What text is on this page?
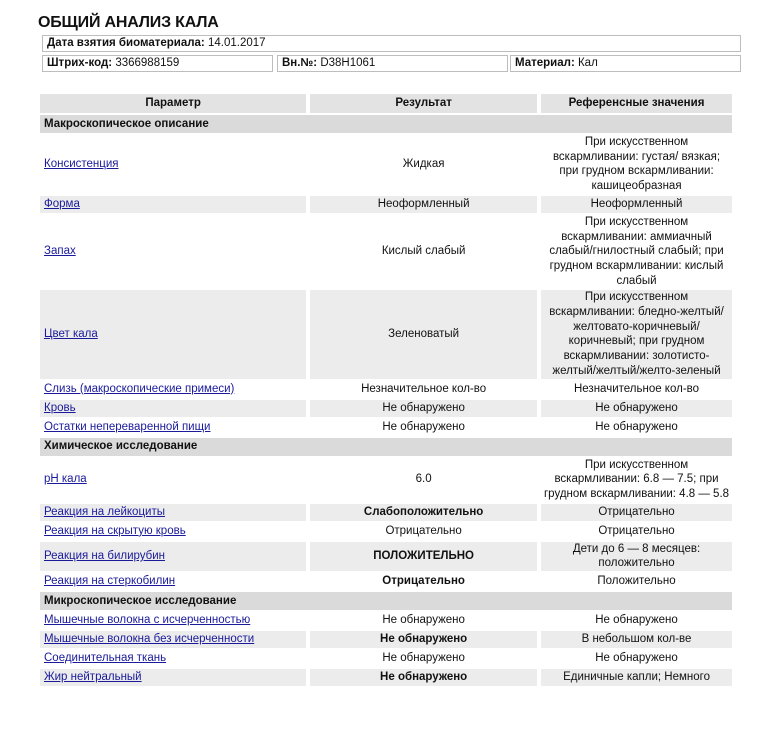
ОБЩИЙ АНАЛИЗ КАЛА
Дата взятия биоматериала: 14.01.2017
Штрих-код: 3366988159	Вн.№: D38H1061	Материал: Кал
Параметр	Результат	Референсные значения
Макроскопическое описание		
Консистенция	Жидкая	При искусственном вскармливании: густая/ вязкая; при грудном вскармливании: кашицеобразная
Форма	Неоформленный	Неоформленный
Запах	Кислый слабый	При искусственном вскармливании: аммиачный слабый/гнилостный слабый; при грудном вскармливании: кислый слабый
Цвет кала	Зеленоватый	При искусственном вскармливании: бледно-желтый/желтовато-коричневый/ коричневый; при грудном вскармливании: золотисто-желтый/желтый/желто-зеленый
Слизь (макроскопические примеси)	Незначительное кол-во	Незначительное кол-во
Кровь	Не обнаружено	Не обнаружено
Остатки непереваренной пищи	Не обнаружено	Не обнаружено
Химическое исследование		
pH кала	6.0	При искусственном вскармливании: 6.8 — 7.5; при грудном вскармливании: 4.8 — 5.8
Реакция на лейкоциты	Слабоположительно	Отрицательно
Реакция на скрытую кровь	Отрицательно	Отрицательно
Реакция на билирубин	ПОЛОЖИТЕЛЬНО	Дети до 6 — 8 месяцев: положительно
Реакция на стеркобилин	Отрицательно	Положительно
Микроскопическое исследование		
Мышечные волокна с исчерченностью	Не обнаружено	Не обнаружено
Мышечные волокна без исчерченности	Не обнаружено	В небольшом кол-ве
Соединительная ткань	Не обнаружено	Не обнаружено
Жир нейтральный	Не обнаружено	Единичные капли; Немного
